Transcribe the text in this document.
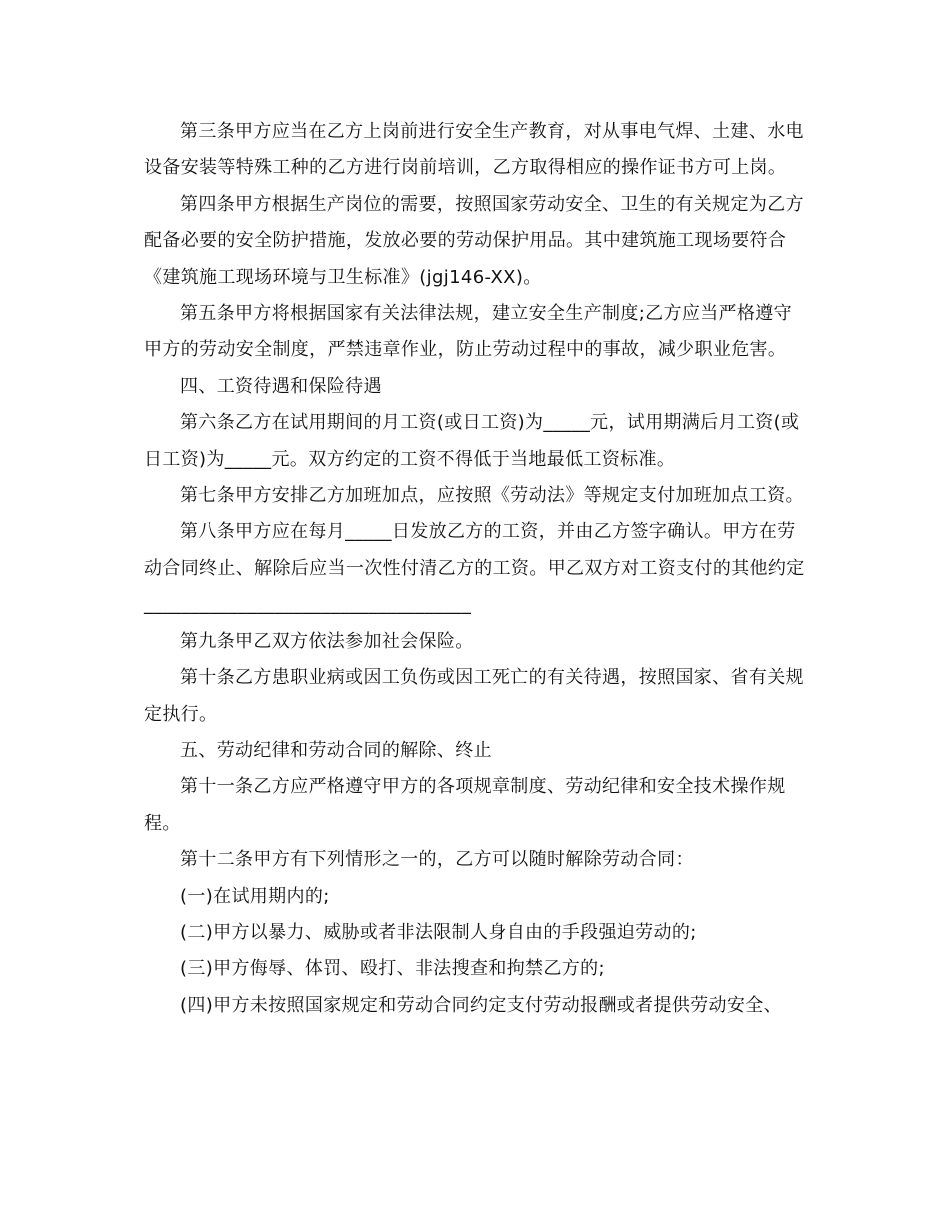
第三条甲方应当在乙方上岗前进行安全生产教育，对从事电气焊、土建、水电设备安装等特殊工种的乙方进行岗前培训，乙方取得相应的操作证书方可上岗。

第四条甲方根据生产岗位的需要，按照国家劳动安全、卫生的有关规定为乙方配备必要的安全防护措施，发放必要的劳动保护用品。其中建筑施工现场要符合《建筑施工现场环境与卫生标准》(jgj146-XX)。

第五条甲方将根据国家有关法律法规，建立安全生产制度;乙方应当严格遵守甲方的劳动安全制度，严禁违章作业，防止劳动过程中的事故，减少职业危害。

四、工资待遇和保险待遇

第六条乙方在试用期间的月工资(或日工资)为_____元，试用期满后月工资(或日工资)为_____元。双方约定的工资不得低于当地最低工资标准。

第七条甲方安排乙方加班加点，应按照《劳动法》等规定支付加班加点工资。

第八条甲方应在每月_____日发放乙方的工资，并由乙方签字确认。甲方在劳动合同终止、解除后应当一次性付清乙方的工资。甲乙双方对工资支付的其他约定___________________________________

第九条甲乙双方依法参加社会保险。

第十条乙方患职业病或因工负伤或因工死亡的有关待遇，按照国家、省有关规定执行。

五、劳动纪律和劳动合同的解除、终止

第十一条乙方应严格遵守甲方的各项规章制度、劳动纪律和安全技术操作规程。

第十二条甲方有下列情形之一的，乙方可以随时解除劳动合同：

(一)在试用期内的;

(二)甲方以暴力、威胁或者非法限制人身自由的手段强迫劳动的;

(三)甲方侮辱、体罚、殴打、非法搜查和拘禁乙方的;

(四)甲方未按照国家规定和劳动合同约定支付劳动报酬或者提供劳动安全、
